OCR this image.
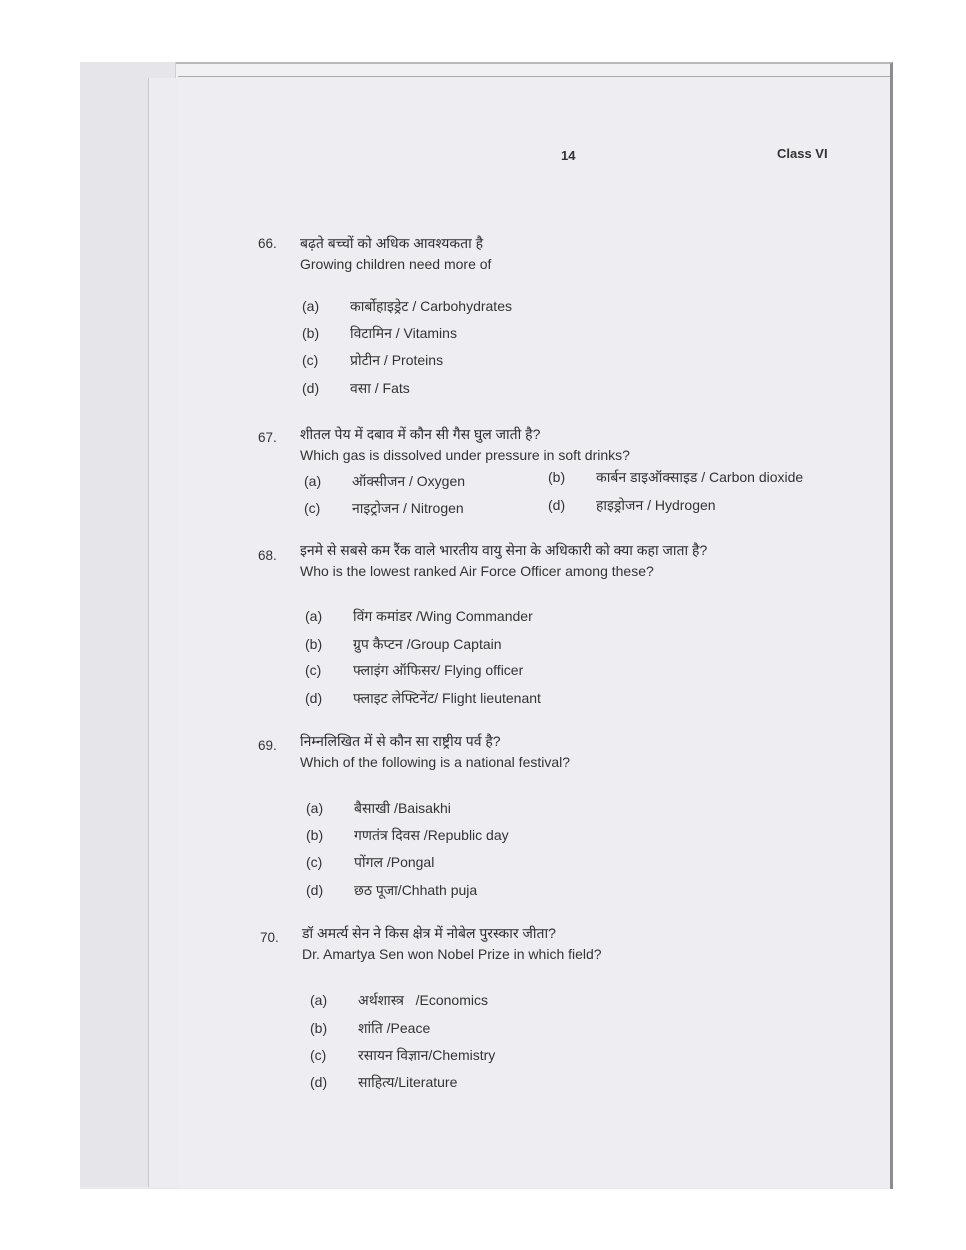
14	Class VI
66. बढ़ते बच्चों को अधिक आवश्यकता है
Growing children need more of
(a) कार्बोहाइड्रेट / Carbohydrates
(b) विटामिन / Vitamins
(c) प्रोटीन / Proteins
(d) वसा / Fats
67. शीतल पेय में दबाव में कौन सी गैस घुल जाती है?
Which gas is dissolved under pressure in soft drinks?
(a) ऑक्सीजन / Oxygen	(b) कार्बन डाइऑक्साइड / Carbon dioxide
(c) नाइट्रोजन / Nitrogen	(d) हाइड्रोजन / Hydrogen
68. इनमे से सबसे कम रैंक वाले भारतीय वायु सेना के अधिकारी को क्या कहा जाता है?
Who is the lowest ranked Air Force Officer among these?
(a) विंग कमांडर /Wing Commander
(b) ग्रुप कैप्टन /Group Captain
(c) फ्लाइंग ऑफिसर/ Flying officer
(d) फ्लाइट लेफ्टिनेंट/ Flight lieutenant
69. निम्नलिखित में से कौन सा राष्ट्रीय पर्व है?
Which of the following is a national festival?
(a) बैसाखी /Baisakhi
(b) गणतंत्र दिवस /Republic day
(c) पोंगल /Pongal
(d) छठ पूजा/Chhath puja
70. डॉ अमर्त्य सेन ने किस क्षेत्र में नोबेल पुरस्कार जीता?
Dr. Amartya Sen won Nobel Prize in which field?
(a) अर्थशास्त्र   /Economics
(b) शांति /Peace
(c) रसायन विज्ञान/Chemistry
(d) साहित्य/Literature
